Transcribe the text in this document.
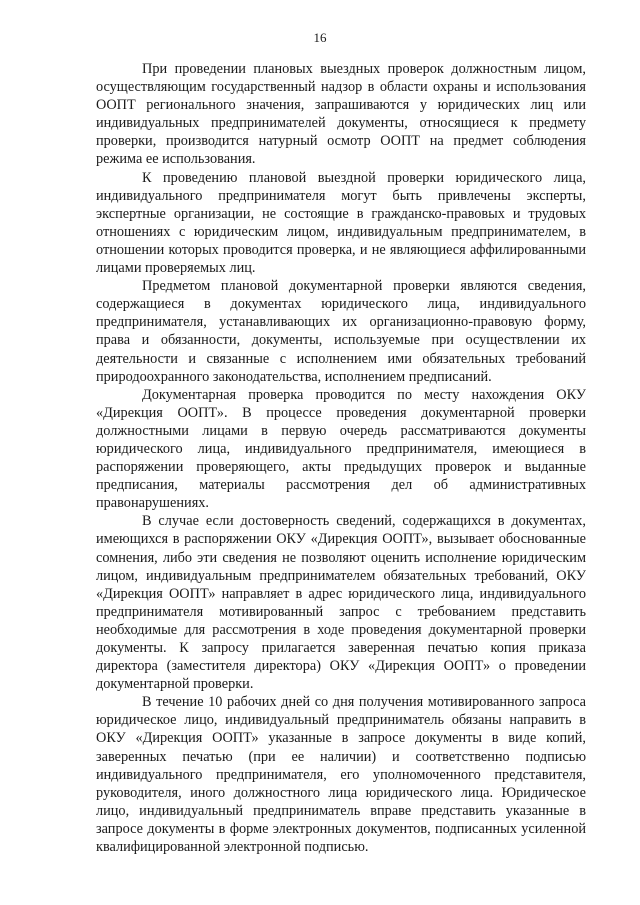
16

При проведении плановых выездных проверок должностным лицом, осуществляющим государственный надзор в области охраны и использования ООПТ регионального значения, запрашиваются у юридических лиц или индивидуальных предпринимателей документы, относящиеся к предмету проверки, производится натурный осмотр ООПТ на предмет соблюдения режима ее использования.

К проведению плановой выездной проверки юридического лица, индивидуального предпринимателя могут быть привлечены эксперты, экспертные организации, не состоящие в гражданско-правовых и трудовых отношениях с юридическим лицом, индивидуальным предпринимателем, в отношении которых проводится проверка, и не являющиеся аффилированными лицами проверяемых лиц.

Предметом плановой документарной проверки являются сведения, содержащиеся в документах юридического лица, индивидуального предпринимателя, устанавливающих их организационно-правовую форму, права и обязанности, документы, используемые при осуществлении их деятельности и связанные с исполнением ими обязательных требований природоохранного законодательства, исполнением предписаний.

Документарная проверка проводится по месту нахождения ОКУ «Дирекция ООПТ». В процессе проведения документарной проверки должностными лицами в первую очередь рассматриваются документы юридического лица, индивидуального предпринимателя, имеющиеся в распоряжении проверяющего, акты предыдущих проверок и выданные предписания, материалы рассмотрения дел об административных правонарушениях.

В случае если достоверность сведений, содержащихся в документах, имеющихся в распоряжении ОКУ «Дирекция ООПТ», вызывает обоснованные сомнения, либо эти сведения не позволяют оценить исполнение юридическим лицом, индивидуальным предпринимателем обязательных требований, ОКУ «Дирекция ООПТ» направляет в адрес юридического лица, индивидуального предпринимателя мотивированный запрос с требованием представить необходимые для рассмотрения в ходе проведения документарной проверки документы. К запросу прилагается заверенная печатью копия приказа директора (заместителя директора) ОКУ «Дирекция ООПТ» о проведении документарной проверки.

В течение 10 рабочих дней со дня получения мотивированного запроса юридическое лицо, индивидуальный предприниматель обязаны направить в ОКУ «Дирекция ООПТ» указанные в запросе документы в виде копий, заверенных печатью (при ее наличии) и соответственно подписью индивидуального предпринимателя, его уполномоченного представителя, руководителя, иного должностного лица юридического лица. Юридическое лицо, индивидуальный предприниматель вправе представить указанные в запросе документы в форме электронных документов, подписанных усиленной квалифицированной электронной подписью.
